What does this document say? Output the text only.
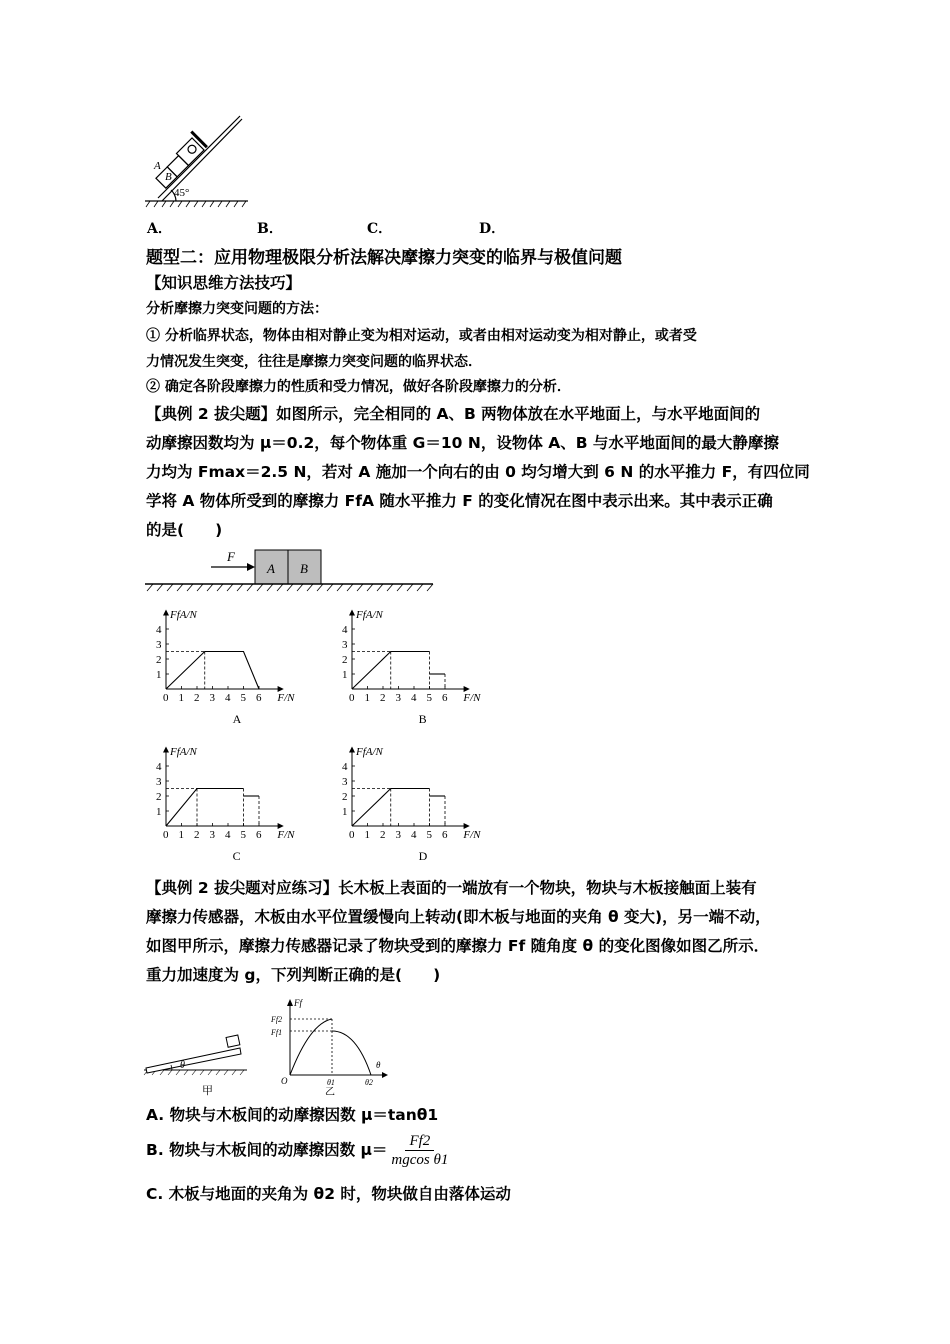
A
B
45°
A．	B．	C．	D．
题型二：应用物理极限分析法解决摩擦力突变的临界与极值问题
【知识思维方法技巧】
分析摩擦力突变问题的方法：
① 分析临界状态，物体由相对静止变为相对运动，或者由相对运动变为相对静止，或者受
力情况发生突变，往往是摩擦力突变问题的临界状态．
② 确定各阶段摩擦力的性质和受力情况，做好各阶段摩擦力的分析．
【典例 2 拔尖题】如图所示，完全相同的 A、B 两物体放在水平地面上，与水平地面间的
动摩擦因数均为 μ＝0.2，每个物体重 G＝10 N，设物体 A、B 与水平地面间的最大静摩擦
力均为 Fmax＝2.5 N，若对 A 施加一个向右的由 0 均匀增大到 6 N 的水平推力 F，有四位同
学将 A 物体所受到的摩擦力 FfA 随水平推力 F 的变化情况在图中表示出来。其中表示正确
的是(　　)
F
A B
0 1 2 3 4 5 6
1
2
3
4
FfA/N
F/N
A
0 1 2 3 4 5 6
1
2
3
4
FfA/N
F/N
B
0 1 2 3 4 5 6
1
2
3
4
FfA/N
F/N
C
0 1 2 3 4 5 6
1
2
3
4
FfA/N
F/N
D
【典例 2 拔尖题对应练习】长木板上表面的一端放有一个物块，物块与木板接触面上装有
摩擦力传感器，木板由水平位置缓慢向上转动(即木板与地面的夹角 θ 变大)，另一端不动，
如图甲所示，摩擦力传感器记录了物块受到的摩擦力 Ff 随角度 θ 的变化图像如图乙所示．
重力加速度为 g，下列判断正确的是(　　)
θ
甲
Ff
Ff2
Ff1
O
θ
θ1	θ2
乙
A. 物块与木板间的动摩擦因数 μ＝tanθ1
B. 物块与木板间的动摩擦因数 $\mu= \frac{Ff2}{\text{mgcos θ1}}$
C. 木板与地面的夹角为 θ2 时，物块做自由落体运动
